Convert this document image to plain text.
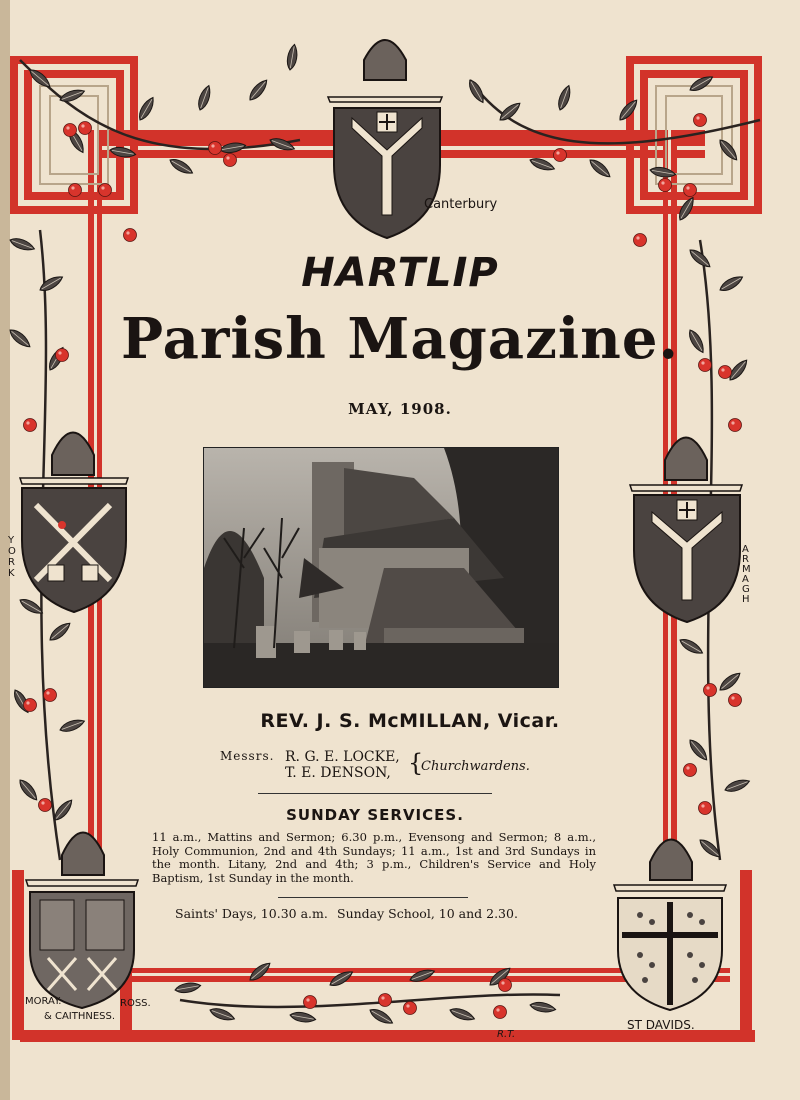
Canterbury
YORK
ARMAGH
MORAY.	ROSS.
& CAITHNESS.
ST DAVIDS.
R.T.
HARTLIP
Parish Magazine.
MAY, 1908.
REV. J. S. McMILLAN, Vicar.
Messrs. R. G. E. LOCKE,
T. E. DENSON, {
Churchwardens.
SUNDAY SERVICES.
11 a.m., Mattins and Sermon; 6.30 p.m., Evensong and Sermon; 8 a.m., Holy Communion, 2nd and 4th Sundays; 11 a.m., 1st and 3rd Sundays in the month. Litany, 2nd and 4th; 3 p.m., Children's Service and Holy Baptism, 1st Sunday in the month.
Saints' Days, 10.30 a.m. Sunday School, 10 and 2.30.
